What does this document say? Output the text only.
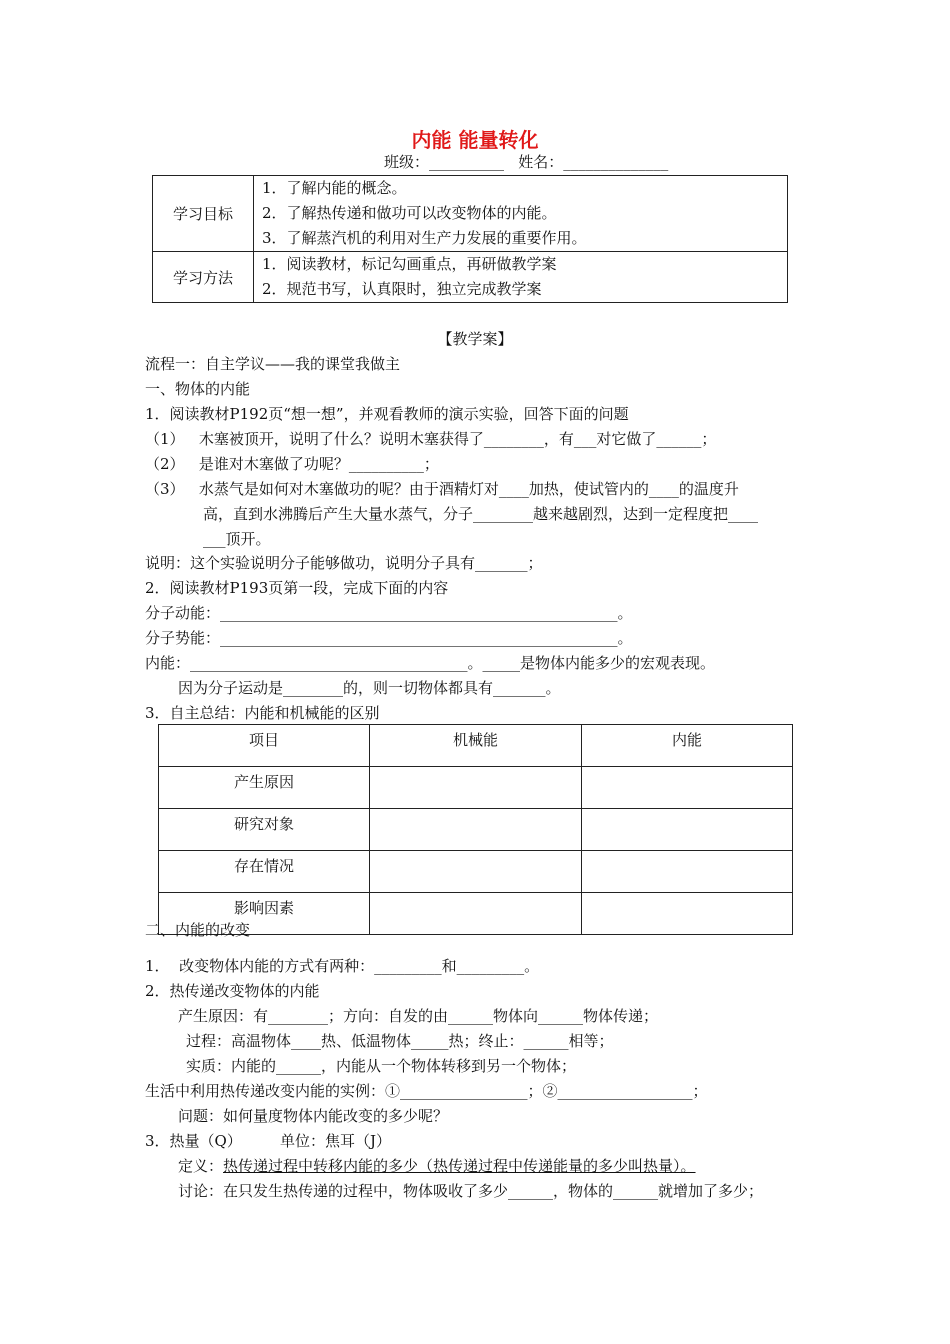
内能 能量转化
班级：__________   姓名：______________
学习目标	1．了解内能的概念。
2．了解热传递和做功可以改变物体的内能。
3．了解蒸汽机的利用对生产力发展的重要作用。

学习方法	1．阅读教材，标记勾画重点，再研做教学案
2．规范书写，认真限时，独立完成教学案
【教学案】
流程一：自主学议——我的课堂我做主
一、物体的内能
1．阅读教材P192页“想一想”，并观看教师的演示实验，回答下面的问题
（1）   木塞被顶开，说明了什么？说明木塞获得了________，有___对它做了______；
（2）   是谁对木塞做了功呢？__________；
（3）   水蒸气是如何对木塞做功的呢？由于酒精灯对____加热，使试管内的____的温度升
高，直到水沸腾后产生大量水蒸气，分子________越来越剧烈，达到一定程度把____
___顶开。
说明：这个实验说明分子能够做功，说明分子具有_______；
2．阅读教材P193页第一段，完成下面的内容
分子动能：_____________________________________________________。
分子势能：_____________________________________________________。
内能：_____________________________________。_____是物体内能多少的宏观表现。
因为分子运动是________的，则一切物体都具有_______。
3．自主总结：内能和机械能的区别
项目	机械能	内能
产生原因		
研究对象		
存在情况		
影响因素		
二、内能的改变
1．  改变物体内能的方式有两种：_________和_________。
2．热传递改变物体的内能
产生原因：有________；方向：自发的由______物体向______物体传递；
过程：高温物体____热、低温物体_____热；终止：______相等；
实质：内能的______，内能从一个物体转移到另一个物体；
生活中利用热传递改变内能的实例：①_________________；②__________________；
问题：如何量度物体内能改变的多少呢？
3．热量（Q）        单位：焦耳（J）
定义：热传递过程中转移内能的多少（热传递过程中传递能量的多少叫热量）。
讨论：在只发生热传递的过程中，物体吸收了多少______，物体的______就增加了多少；
